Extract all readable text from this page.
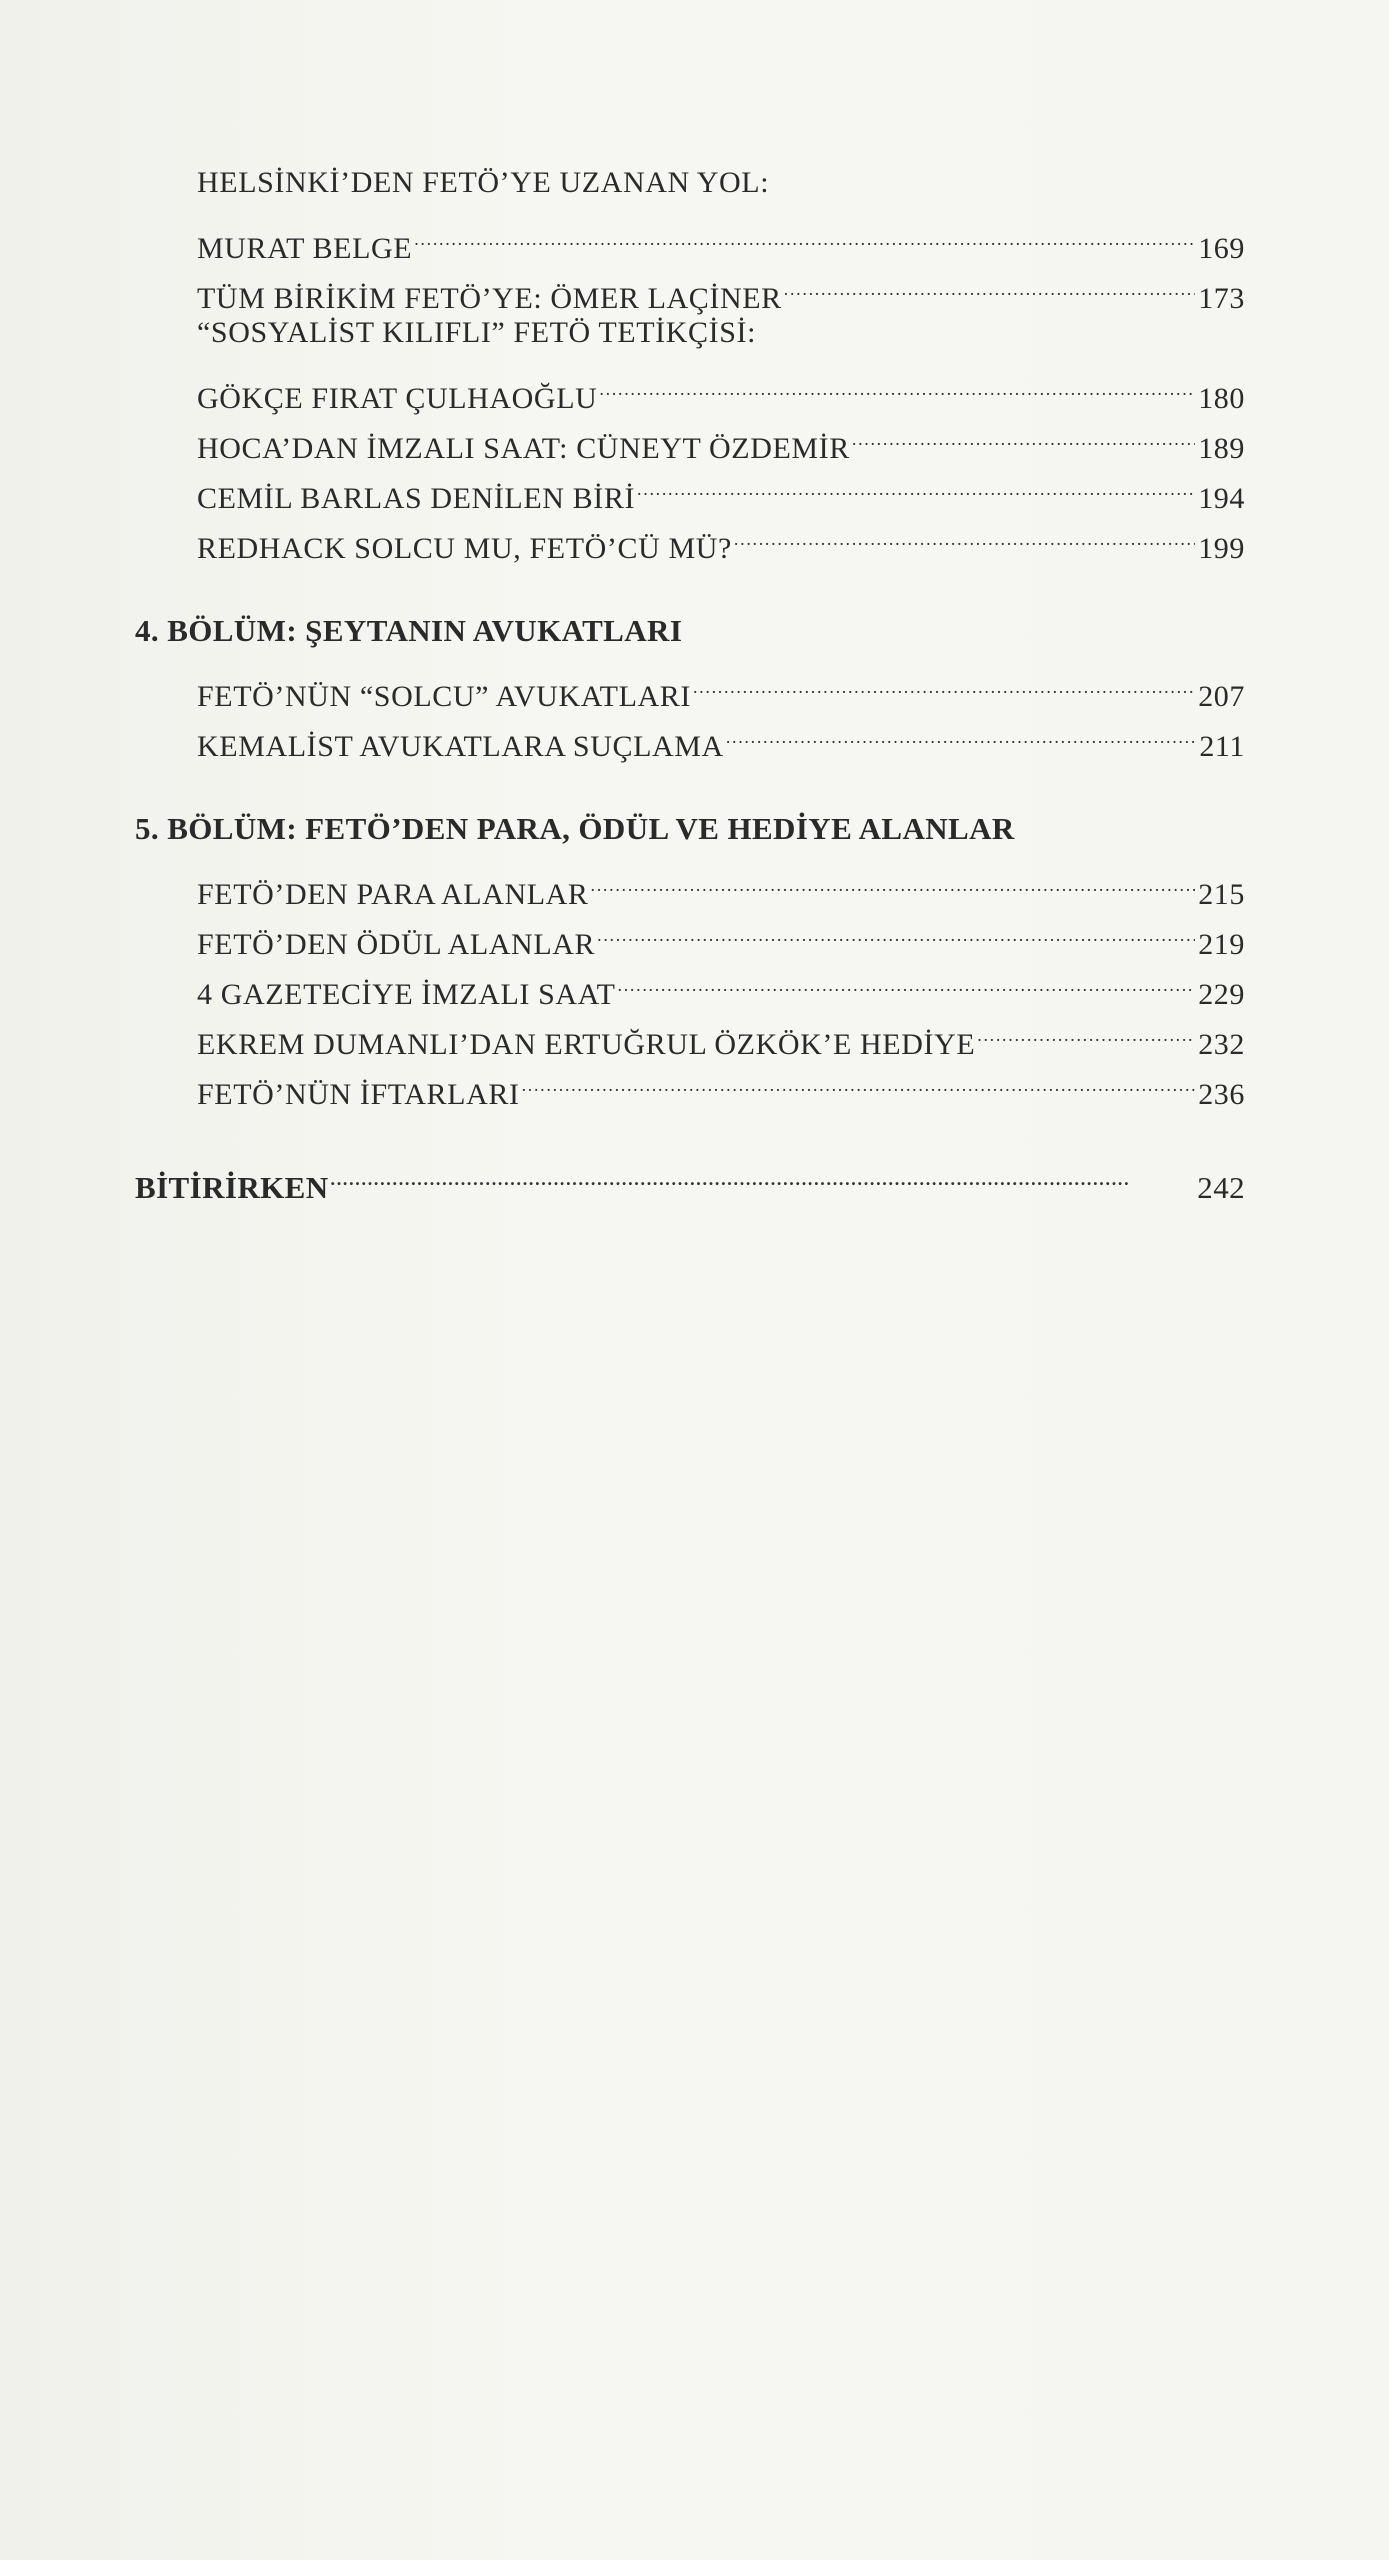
HELSİNKİ’DEN FETÖ’YE UZANAN YOL:
MURAT BELGE . . .	169
TÜM BİRİKİM FETÖ’YE: ÖMER LAÇİNER . . .	173
“SOSYALİST KILIFLI” FETÖ TETİKÇİSİ:
GÖKÇE FIRAT ÇULHAOĞLU . . .	180
HOCA’DAN İMZALI SAAT: CÜNEYT ÖZDEMİR . . .	189
CEMİL BARLAS DENİLEN BİRİ . . .	194
REDHACK SOLCU MU, FETÖ’CÜ MÜ? . . .	199
4. BÖLÜM: ŞEYTANIN AVUKATLARI
FETÖ’NÜN “SOLCU” AVUKATLARI . . .	207
KEMALİST AVUKATLARA SUÇLAMA . . .	211
5. BÖLÜM: FETÖ’DEN PARA, ÖDÜL VE HEDİYE ALANLAR
FETÖ’DEN PARA ALANLAR . . .	215
FETÖ’DEN ÖDÜL ALANLAR . . .	219
4 GAZETECİYE İMZALI SAAT . . .	229
EKREM DUMANLI’DAN ERTUĞRUL ÖZKÖK’E HEDİYE . . .	232
FETÖ’NÜN İFTARLARI . . .	236
BİTİRİRKEN . . .	242
